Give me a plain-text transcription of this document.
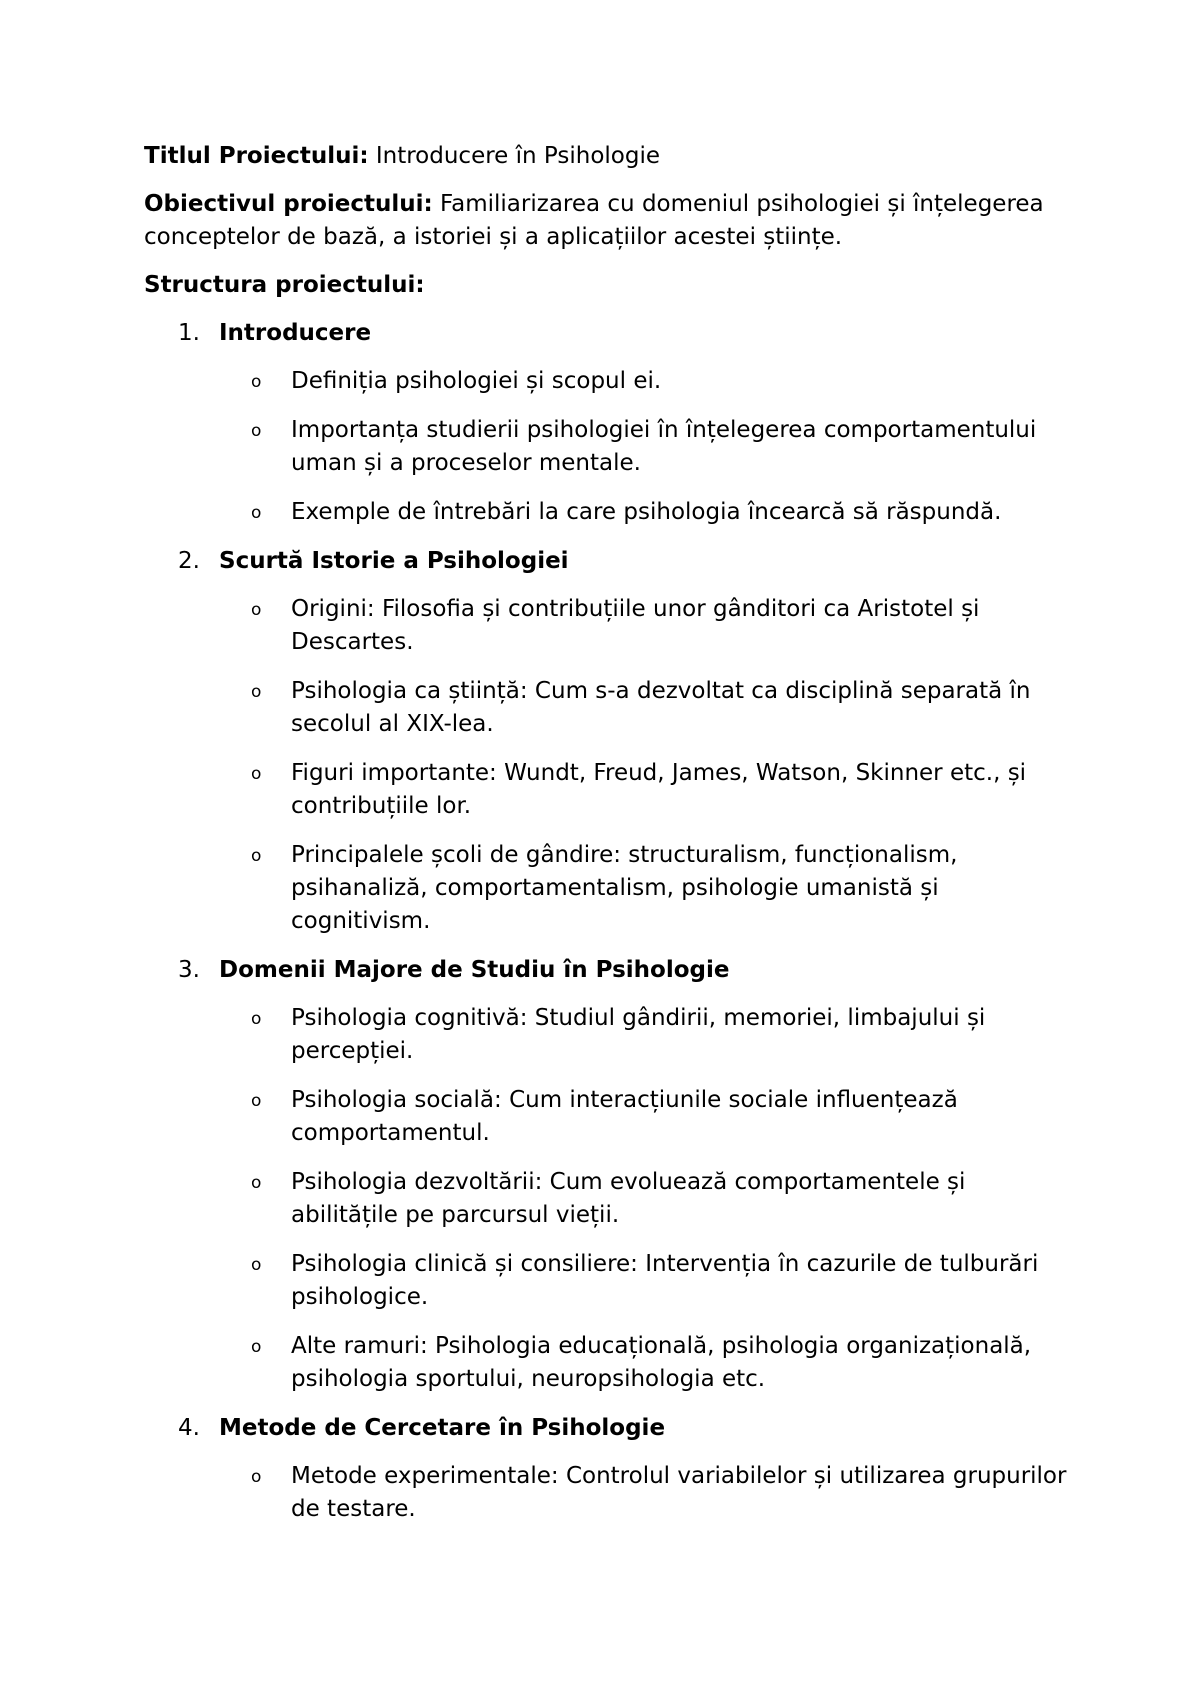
Titlul Proiectului: Introducere în Psihologie

Obiectivul proiectului: Familiarizarea cu domeniul psihologiei și înțelegerea conceptelor de bază, a istoriei și a aplicațiilor acestei științe.

Structura proiectului:

1. Introducere
o Definiția psihologiei și scopul ei.
o Importanța studierii psihologiei în înțelegerea comportamentului uman și a proceselor mentale.
o Exemple de întrebări la care psihologia încearcă să răspundă.
2. Scurtă Istorie a Psihologiei
o Origini: Filosofia și contribuțiile unor gânditori ca Aristotel și Descartes.
o Psihologia ca știință: Cum s-a dezvoltat ca disciplină separată în secolul al XIX-lea.
o Figuri importante: Wundt, Freud, James, Watson, Skinner etc., și contribuțiile lor.
o Principalele școli de gândire: structuralism, funcționalism, psihanaliză, comportamentalism, psihologie umanistă și cognitivism.
3. Domenii Majore de Studiu în Psihologie
o Psihologia cognitivă: Studiul gândirii, memoriei, limbajului și percepției.
o Psihologia socială: Cum interacțiunile sociale influențează comportamentul.
o Psihologia dezvoltării: Cum evoluează comportamentele și abilitățile pe parcursul vieții.
o Psihologia clinică și consiliere: Intervenția în cazurile de tulburări psihologice.
o Alte ramuri: Psihologia educațională, psihologia organizațională, psihologia sportului, neuropsihologia etc.
4. Metode de Cercetare în Psihologie
o Metode experimentale: Controlul variabilelor și utilizarea grupurilor de testare.
